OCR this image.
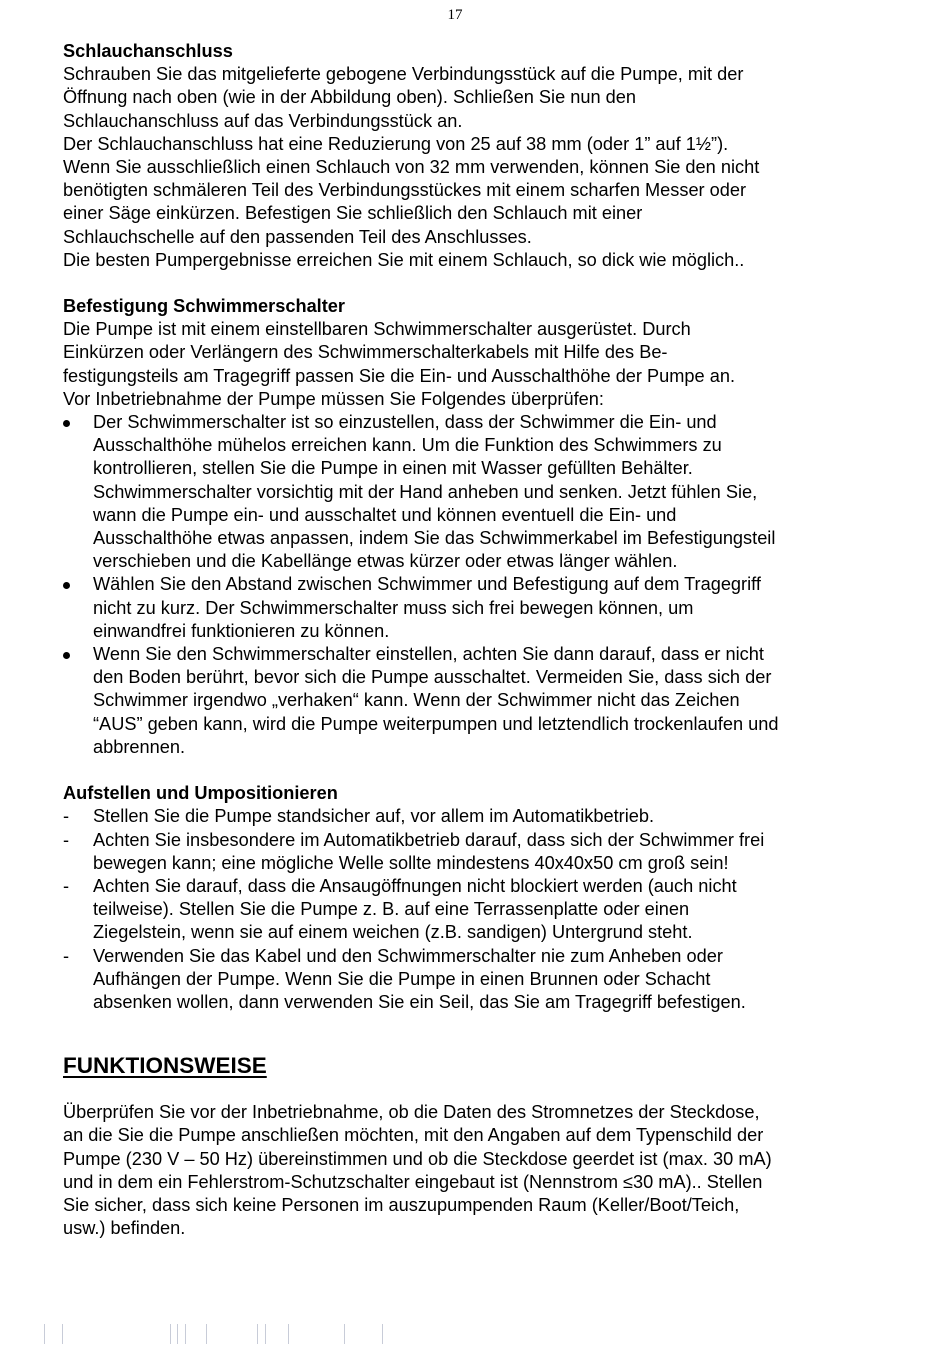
17
Schlauchanschluss
Schrauben Sie das mitgelieferte gebogene Verbindungsstück auf die Pumpe, mit der
Öffnung nach oben (wie in der Abbildung oben). Schließen Sie nun den
Schlauchanschluss auf das Verbindungsstück an.
Der Schlauchanschluss hat eine Reduzierung von 25 auf 38 mm (oder 1” auf 1½”).
Wenn Sie ausschließlich einen Schlauch von 32 mm verwenden, können Sie den nicht
benötigten schmäleren Teil des Verbindungsstückes mit einem scharfen Messer oder
einer Säge einkürzen. Befestigen Sie schließlich den Schlauch mit einer
Schlauchschelle auf den passenden Teil des Anschlusses.
Die besten Pumpergebnisse erreichen Sie mit einem Schlauch, so dick wie möglich..
Befestigung Schwimmerschalter
Die Pumpe ist mit einem einstellbaren Schwimmerschalter ausgerüstet. Durch
Einkürzen oder Verlängern des Schwimmerschalterkabels mit Hilfe des Be-
festigungsteils am Tragegriff passen Sie die Ein- und Ausschalthöhe der Pumpe an.
Vor Inbetriebnahme der Pumpe müssen Sie Folgendes überprüfen:
Der Schwimmerschalter ist so einzustellen, dass der Schwimmer die Ein- und
Ausschalthöhe mühelos erreichen kann. Um die Funktion des Schwimmers zu
kontrollieren, stellen Sie die Pumpe in einen mit Wasser gefüllten Behälter.
Schwimmerschalter vorsichtig mit der Hand anheben und senken. Jetzt fühlen Sie,
wann die Pumpe ein- und ausschaltet und können eventuell die Ein- und
Ausschalthöhe etwas anpassen, indem Sie das Schwimmerkabel im Befestigungsteil
verschieben und die Kabellänge etwas kürzer oder etwas länger wählen.
Wählen Sie den Abstand zwischen Schwimmer und Befestigung auf dem Tragegriff
nicht zu kurz. Der Schwimmerschalter muss sich frei bewegen können, um
einwandfrei funktionieren zu können.
Wenn Sie den Schwimmerschalter einstellen, achten Sie dann darauf, dass er nicht
den Boden berührt, bevor sich die Pumpe ausschaltet. Vermeiden Sie, dass sich der
Schwimmer irgendwo „verhaken“ kann. Wenn der Schwimmer nicht das Zeichen
“AUS” geben kann, wird die Pumpe weiterpumpen und letztendlich trockenlaufen und
abbrennen.
Aufstellen und Umpositionieren
- Stellen Sie die Pumpe standsicher auf, vor allem im Automatikbetrieb.
- Achten Sie insbesondere im Automatikbetrieb darauf, dass sich der Schwimmer frei
bewegen kann; eine mögliche Welle sollte mindestens 40x40x50 cm groß sein!
- Achten Sie darauf, dass die Ansaugöffnungen nicht blockiert werden (auch nicht
teilweise). Stellen Sie die Pumpe z. B. auf eine Terrassenplatte oder einen
Ziegelstein, wenn sie auf einem weichen (z.B. sandigen) Untergrund steht.
- Verwenden Sie das Kabel und den Schwimmerschalter nie zum Anheben oder
Aufhängen der Pumpe. Wenn Sie die Pumpe in einen Brunnen oder Schacht
absenken wollen, dann verwenden Sie ein Seil, das Sie am Tragegriff befestigen.
FUNKTIONSWEISE
Überprüfen Sie vor der Inbetriebnahme, ob die Daten des Stromnetzes der Steckdose,
an die Sie die Pumpe anschließen möchten, mit den Angaben auf dem Typenschild der
Pumpe (230 V – 50 Hz) übereinstimmen und ob die Steckdose geerdet ist (max. 30 mA)
und in dem ein Fehlerstrom-Schutzschalter eingebaut ist (Nennstrom ≤30 mA).. Stellen
Sie sicher, dass sich keine Personen im auszupumpenden Raum (Keller/Boot/Teich,
usw.) befinden.
